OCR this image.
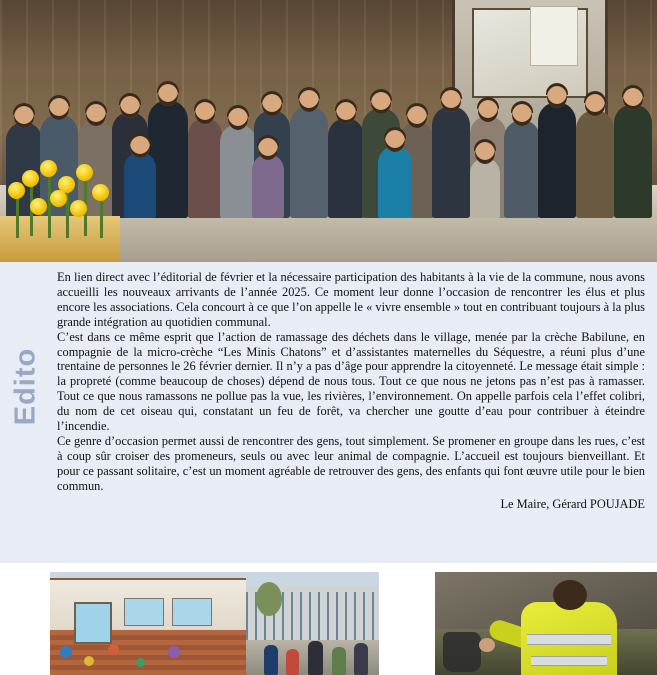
Edito

En lien direct avec l’éditorial de février et la nécessaire participation des habitants à la vie de la commune, nous avons accueilli les nouveaux arrivants de l’année 2025. Ce moment leur donne l’occasion de rencontrer les élus et plus encore les associations. Cela concourt à ce que l’on appelle le « vivre ensemble » tout en contribuant toujours à la plus grande intégration au quotidien communal.

C’est dans ce même esprit que l’action de ramassage des déchets dans le village, menée par la crèche Babilune, en compagnie de la micro-crèche “Les Minis Chatons” et d’assistantes maternelles du Séquestre, a réuni plus d’une trentaine de personnes le 26 février dernier. Il n’y a pas d’âge pour apprendre la citoyenneté. Le message était simple : la propreté (comme beaucoup de choses) dépend de nous tous. Tout ce que nous ne jetons pas n’est pas à ramasser. Tout ce que nous ramassons ne pollue pas la vue, les rivières, l’environnement. On appelle parfois cela l’effet colibri, du nom de cet oiseau qui, constatant un feu de forêt, va chercher une goutte d’eau pour contribuer à éteindre l’incendie.

Ce genre d’occasion permet aussi de rencontrer des gens, tout simplement. Se promener en groupe dans les rues, c’est à coup sûr croiser des promeneurs, seuls ou avec leur animal de compagnie. L’accueil est toujours bienveillant. Et pour ce passant solitaire, c’est un moment agréable de retrouver des gens, des enfants qui font œuvre utile pour le bien commun.

Le Maire, Gérard POUJADE
